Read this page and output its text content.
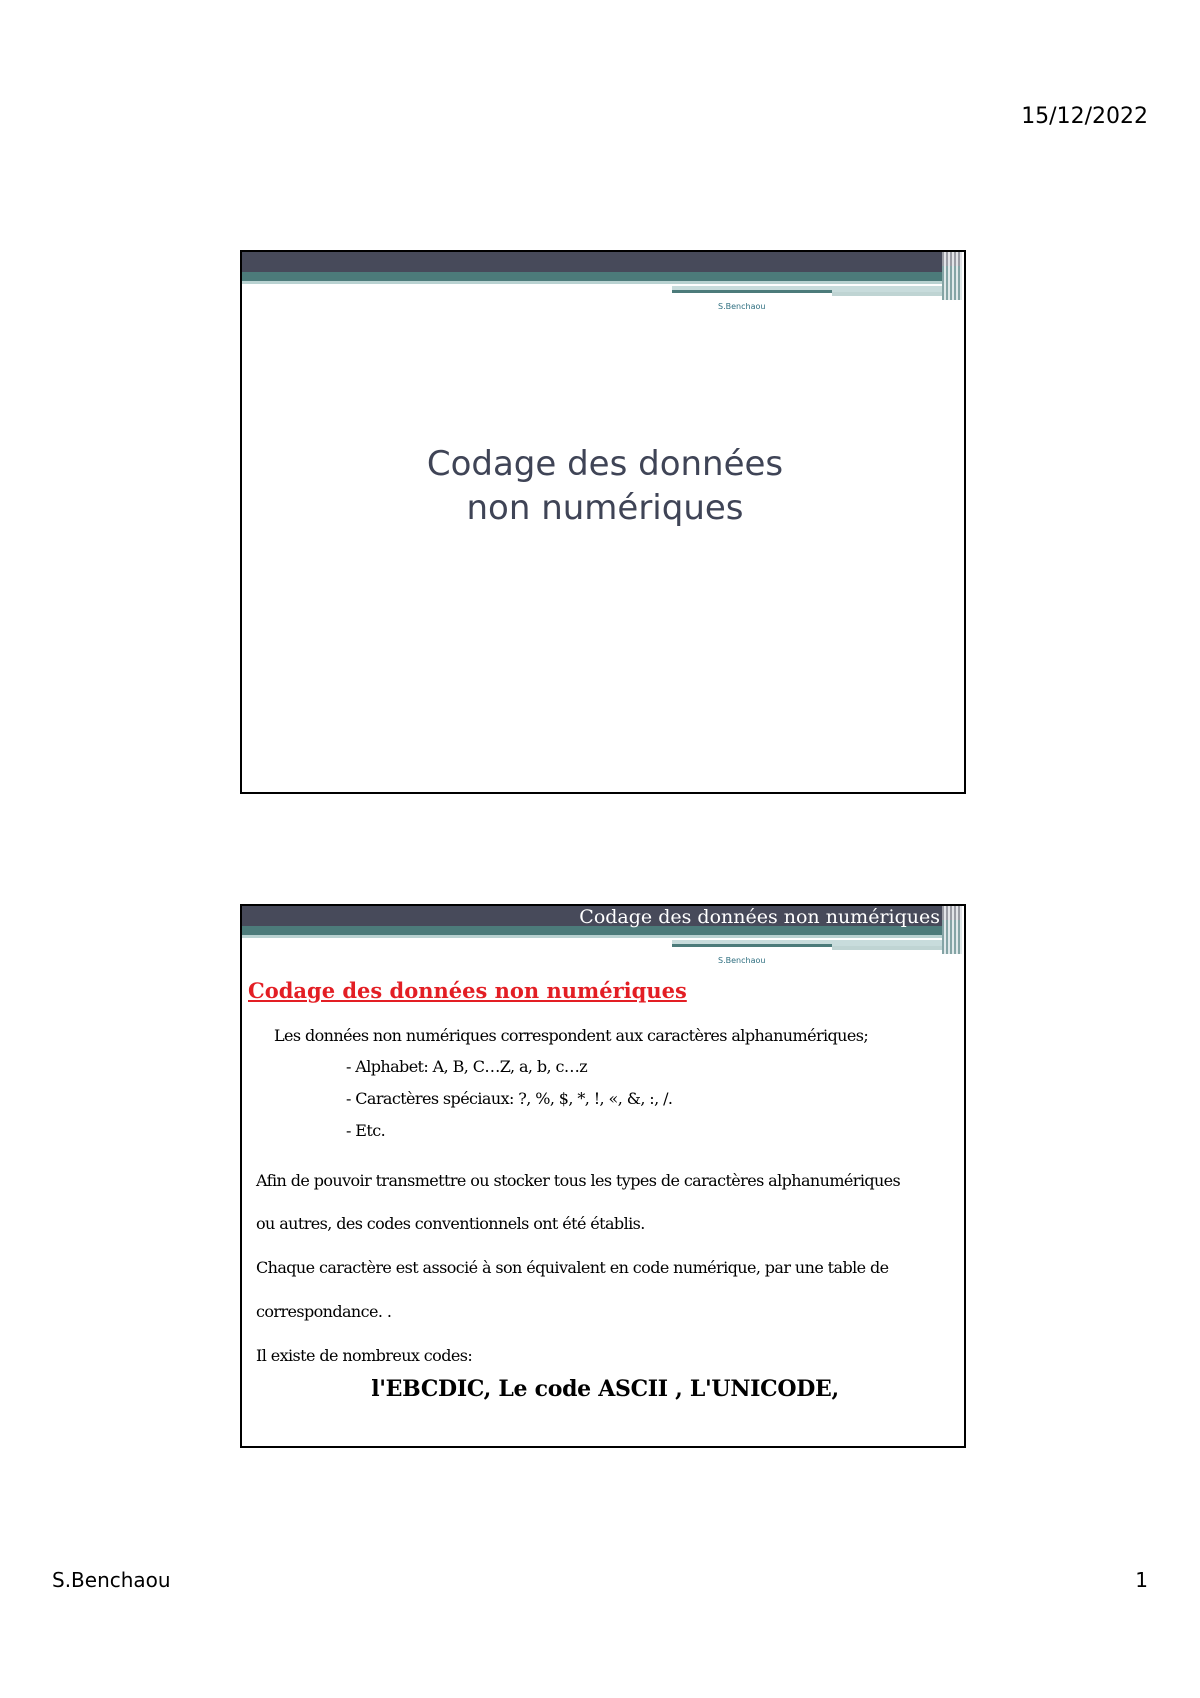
15/12/2022
S.Benchaou
Codage des données
non numériques
Codage des données non numériques
S.Benchaou
Codage des données non numériques
Les données non numériques correspondent aux caractères alphanumériques;
- Alphabet: A, B, C…Z, a, b, c…z
- Caractères spéciaux: ?, %, $, *, !, «, &, :, /.
- Etc.
Afin de pouvoir transmettre ou stocker tous les types de caractères alphanumériques
ou autres, des codes conventionnels ont été établis.
Chaque caractère est associé à son équivalent en code numérique, par une table de
correspondance. .
Il existe de nombreux codes:
l'EBCDIC, Le code ASCII , L'UNICODE,
S.Benchaou	1
